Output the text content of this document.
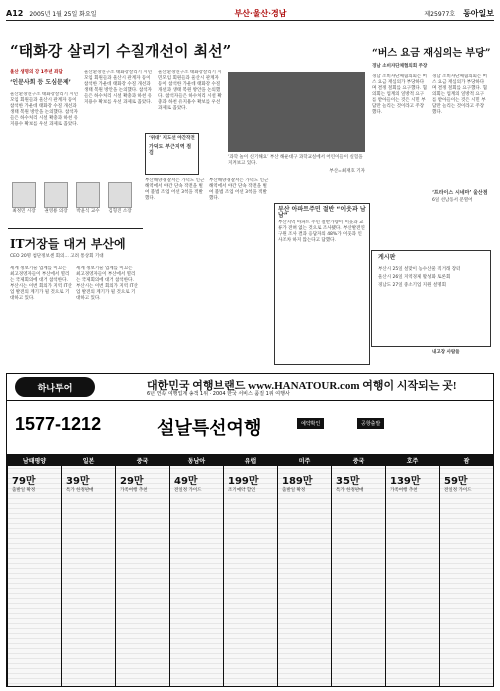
A12 2005년 1월 25일 화요일	부산·울산·경남	제25977호 동아일보
“태화강 살리기 수질개선이 최선”
울산 생명의 강 1주년 좌담
‘인문사회 등 도심문제’
울산환경연구소 태화강살리기 시민모임 회원들과 울산시 관계자 등이 참석한 가운데 태화강 수질 개선과 생태 복원 방안을 논의했다. 참석자들은 하수처리 시설 확충과 하천 유지용수 확보를 우선 과제로 꼽았다.
울산환경연구소 태화강살리기 시민모임 회원들과 울산시 관계자 등이 참석한 가운데 태화강 수질 개선과 생태 복원 방안을 논의했다. 참석자들은 하수처리 시설 확충과 하천 유지용수 확보를 우선 과제로 꼽았다.
울산환경연구소 태화강살리기 시민모임 회원들과 울산시 관계자 등이 참석한 가운데 태화강 수질 개선과 생태 복원 방안을 논의했다. 참석자들은 하수처리 시설 확충과 하천 유지용수 확보를 우선 과제로 꼽았다.
최정민 시장	권영룡 의장	박윤식 교수	김형진 소장
IT거장들 대거 부산에
CEO 20명 첨단정보센 회의… 고려 통상회 기대
세계 정보기술 업계를 이끄는 최고경영자들이 부산에서 열리는 국제회의에 대거 참석한다. 부산시는 이번 회의가 지역 IT산업 발전의 계기가 될 것으로 기대하고 있다.
세계 정보기술 업계를 이끄는 최고경영자들이 부산에서 열리는 국제회의에 대거 참석한다. 부산시는 이번 회의가 지역 IT산업 발전의 계기가 될 것으로 기대하고 있다.
‘위대’ 지도선 야간작전
가덕도 부근지역 점검
부산해양경찰서는 가덕도 인근 해역에서 야간 단속 작전을 벌여 불법 조업 어선 3척을 적발했다.
부산해양경찰서는 가덕도 인근 해역에서 야간 단속 작전을 벌여 불법 조업 어선 3척을 적발했다.
‘과학 놀이 신기해요’ 부산 해운대구 과학교실에서 어린이들이 실험을 지켜보고 있다.
부산=최재호 기자
부산 아파트주민 절반 “이웃과 남남”
부산지역 아파트 주민 절반가량이 이웃과 교류가 전혀 없는 것으로 조사됐다. 부산발전연구원 조사 결과 응답자의 48%가 이웃과 인사조차 하지 않는다고 답했다.
게시판
부산시 25일 설맞이 농수산물 직거래 장터
울산시 26일 지역경제 활성화 토론회
경남도 27일 중소기업 지원 설명회
“버스 요금 재심의는 부당”
경남 소비자단체협의회 주장
경남 소비자단체협의회는 버스 요금 재심의가 부당하다며 결정 철회를 요구했다. 협의회는 업계의 일방적 요구를 받아들이는 것은 시민 부담만 늘리는 것이라고 주장했다.
경남 소비자단체협의회는 버스 요금 재심의가 부당하다며 결정 철회를 요구했다. 협의회는 업계의 일방적 요구를 받아들이는 것은 시민 부담만 늘리는 것이라고 주장했다.
‘프라이스 시네마’ 울산점
6일 선남동서 문열어
내고장 사람들
하나투어	대한민국 여행브랜드 www.HANATOUR.com 여행이 시작되는 곳!
6년 연속 여행업계 송객 1위 · 2004 한국 서비스 품질 1위 여행사
1577-1212	설날특선여행	예약확인	공항출발
남태평양
79만
출발일 확정
일본
39만
특가 한정판매
중국
29만
가족여행 추천
동남아
49만
전일정 가이드
유럽
199만
조기예약 할인
미주
189만
출발일 확정
중국
35만
특가 한정판매
호주
139만
가족여행 추천
괌
59만
전일정 가이드
